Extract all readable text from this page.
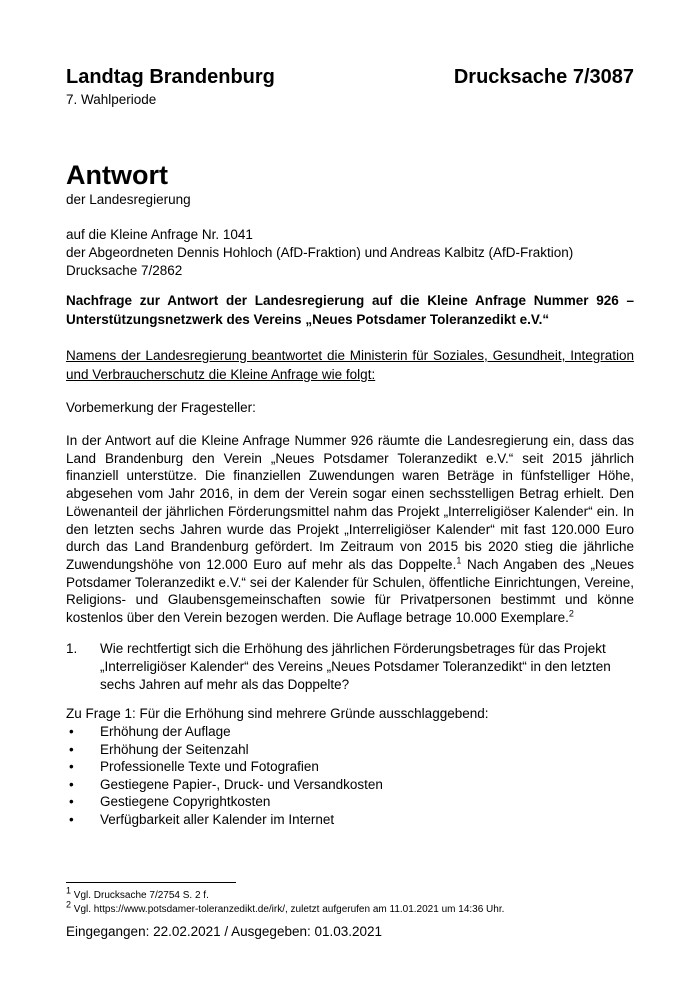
Landtag Brandenburg	Drucksache 7/3087
7. Wahlperiode
Antwort
der Landesregierung
auf die Kleine Anfrage Nr. 1041
der Abgeordneten Dennis Hohloch (AfD-Fraktion) und Andreas Kalbitz (AfD-Fraktion)
Drucksache 7/2862
Nachfrage zur Antwort der Landesregierung auf die Kleine Anfrage Nummer 926 – Unterstützungsnetzwerk des Vereins „Neues Potsdamer Toleranzedikt e.V.“
Namens der Landesregierung beantwortet die Ministerin für Soziales, Gesundheit, Integration und Verbraucherschutz die Kleine Anfrage wie folgt:
Vorbemerkung der Fragesteller:
In der Antwort auf die Kleine Anfrage Nummer 926 räumte die Landesregierung ein, dass das Land Brandenburg den Verein „Neues Potsdamer Toleranzedikt e.V.“ seit 2015 jährlich finanziell unterstütze. Die finanziellen Zuwendungen waren Beträge in fünfstelliger Höhe, abgesehen vom Jahr 2016, in dem der Verein sogar einen sechsstelligen Betrag erhielt. Den Löwenanteil der jährlichen Förderungsmittel nahm das Projekt „Interreligiöser Kalender“ ein. In den letzten sechs Jahren wurde das Projekt „Interreligiöser Kalender“ mit fast 120.000 Euro durch das Land Brandenburg gefördert. Im Zeitraum von 2015 bis 2020 stieg die jährliche Zuwendungshöhe von 12.000 Euro auf mehr als das Doppelte.$^1$ Nach Angaben des „Neues Potsdamer Toleranzedikt e.V.“ sei der Kalender für Schulen, öffentliche Einrichtungen, Vereine, Religions- und Glaubensgemeinschaften sowie für Privatpersonen bestimmt und könne kostenlos über den Verein bezogen werden. Die Auflage betrage 10.000 Exemplare.$^2$
1. Wie rechtfertigt sich die Erhöhung des jährlichen Förderungsbetrages für das Projekt „Interreligiöser Kalender“ des Vereins „Neues Potsdamer Toleranzedikt“ in den letzten sechs Jahren auf mehr als das Doppelte?
Zu Frage 1: Für die Erhöhung sind mehrere Gründe ausschlaggebend:
• Erhöhung der Auflage
• Erhöhung der Seitenzahl
• Professionelle Texte und Fotografien
• Gestiegene Papier-, Druck- und Versandkosten
• Gestiegene Copyrightkosten
• Verfügbarkeit aller Kalender im Internet
$^1$ Vgl. Drucksache 7/2754 S. 2 f.
$^2$ Vgl. https://www.potsdamer-toleranzedikt.de/irk/, zuletzt aufgerufen am 11.01.2021 um 14:36 Uhr.
Eingegangen: 22.02.2021 / Ausgegeben: 01.03.2021
